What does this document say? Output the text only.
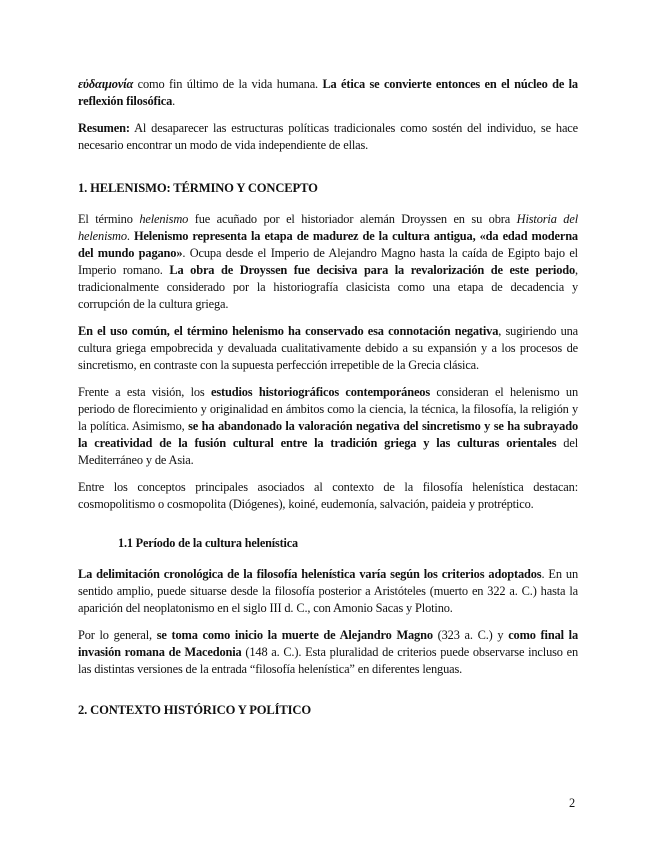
εὐδαιμονία como fin último de la vida humana. La ética se convierte entonces en el núcleo de la reflexión filosófica.

Resumen: Al desaparecer las estructuras políticas tradicionales como sostén del individuo, se hace necesario encontrar un modo de vida independiente de ellas.

1. HELENISMO: TÉRMINO Y CONCEPTO

El término helenismo fue acuñado por el historiador alemán Droyssen en su obra Historia del helenismo. Helenismo representa la etapa de madurez de la cultura antigua, «da edad moderna del mundo pagano». Ocupa desde el Imperio de Alejandro Magno hasta la caída de Egipto bajo el Imperio romano. La obra de Droyssen fue decisiva para la revalorización de este periodo, tradicionalmente considerado por la historiografía clasicista como una etapa de decadencia y corrupción de la cultura griega.

En el uso común, el término helenismo ha conservado esa connotación negativa, sugiriendo una cultura griega empobrecida y devaluada cualitativamente debido a su expansión y a los procesos de sincretismo, en contraste con la supuesta perfección irrepetible de la Grecia clásica.

Frente a esta visión, los estudios historiográficos contemporáneos consideran el helenismo un periodo de florecimiento y originalidad en ámbitos como la ciencia, la técnica, la filosofía, la religión y la política. Asimismo, se ha abandonado la valoración negativa del sincretismo y se ha subrayado la creatividad de la fusión cultural entre la tradición griega y las culturas orientales del Mediterráneo y de Asia.

Entre los conceptos principales asociados al contexto de la filosofía helenística destacan: cosmopolitismo o cosmopolita (Diógenes), koiné, eudemonía, salvación, paideia y protréptico.

1.1 Período de la cultura helenística

La delimitación cronológica de la filosofía helenística varía según los criterios adoptados. En un sentido amplio, puede situarse desde la filosofía posterior a Aristóteles (muerto en 322 a. C.) hasta la aparición del neoplatonismo en el siglo III d. C., con Amonio Sacas y Plotino.

Por lo general, se toma como inicio la muerte de Alejandro Magno (323 a. C.) y como final la invasión romana de Macedonia (148 a. C.). Esta pluralidad de criterios puede observarse incluso en las distintas versiones de la entrada “filosofía helenística” en diferentes lenguas.

2. CONTEXTO HISTÓRICO Y POLÍTICO

2
